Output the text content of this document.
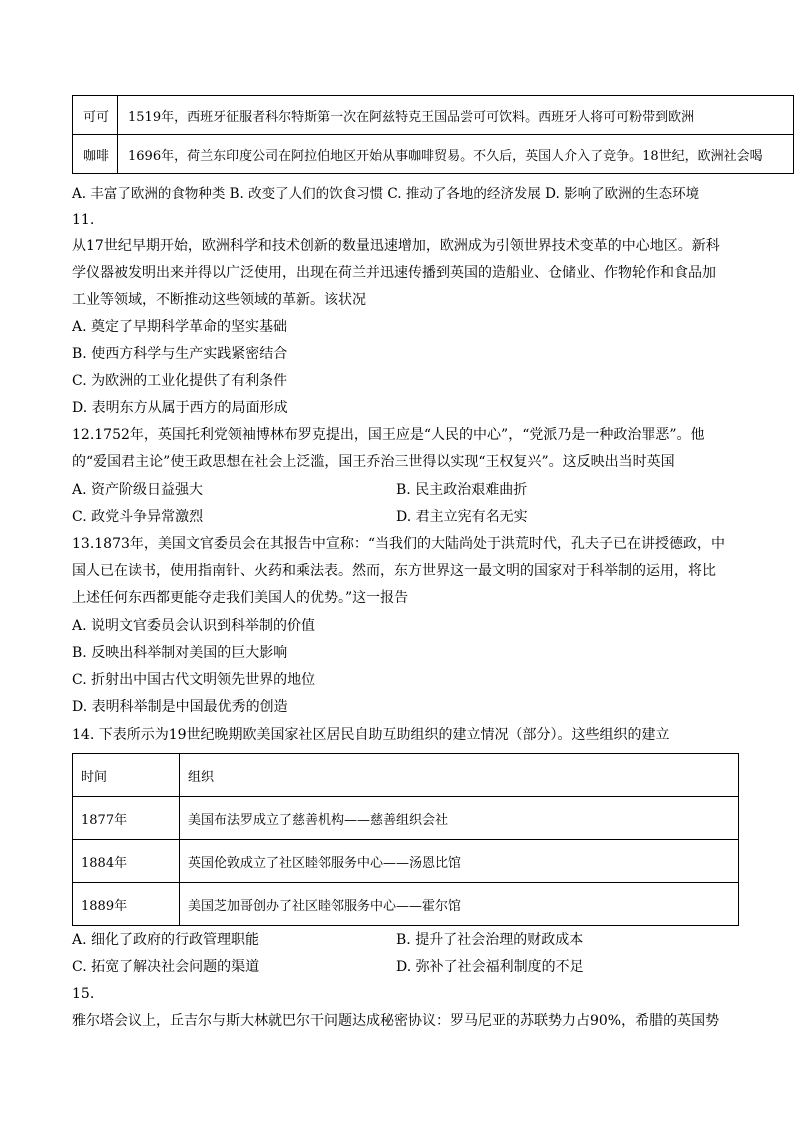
可可	1519年，西班牙征服者科尔特斯第一次在阿兹特克王国品尝可可饮料。西班牙人将可可粉带到欧洲
咖啡	1696年，荷兰东印度公司在阿拉伯地区开始从事咖啡贸易。不久后，英国人介入了竞争。18世纪，欧洲社会喝
A. 丰富了欧洲的食物种类 B. 改变了人们的饮食习惯 C. 推动了各地的经济发展 D. 影响了欧洲的生态环境
11.
从17世纪早期开始，欧洲科学和技术创新的数量迅速增加，欧洲成为引领世界技术变革的中心地区。新科
学仪器被发明出来并得以广泛使用，出现在荷兰并迅速传播到英国的造船业、仓储业、作物轮作和食品加
工业等领域，不断推动这些领域的革新。该状况
A. 奠定了早期科学革命的坚实基础
B. 使西方科学与生产实践紧密结合
C. 为欧洲的工业化提供了有利条件
D. 表明东方从属于西方的局面形成
12.1752年，英国托利党领袖博林布罗克提出，国王应是“人民的中心”，“党派乃是一种政治罪恶”。他
的“爱国君主论”使王政思想在社会上泛滥，国王乔治三世得以实现“王权复兴”。这反映出当时英国
A. 资产阶级日益强大	B. 民主政治艰难曲折
C. 政党斗争异常激烈	D. 君主立宪有名无实
13.1873年，美国文官委员会在其报告中宣称：“当我们的大陆尚处于洪荒时代，孔夫子已在讲授德政，中
国人已在读书，使用指南针、火药和乘法表。然而，东方世界这一最文明的国家对于科举制的运用，将比
上述任何东西都更能夺走我们美国人的优势。”这一报告
A. 说明文官委员会认识到科举制的价值
B. 反映出科举制对美国的巨大影响
C. 折射出中国古代文明领先世界的地位
D. 表明科举制是中国最优秀的创造
14. 下表所示为19世纪晚期欧美国家社区居民自助互助组织的建立情况（部分）。这些组织的建立
时间	组织
1877年	美国布法罗成立了慈善机构——慈善组织会社
1884年	英国伦敦成立了社区睦邻服务中心——汤恩比馆
1889年	美国芝加哥创办了社区睦邻服务中心——霍尔馆
A. 细化了政府的行政管理职能	B. 提升了社会治理的财政成本
C. 拓宽了解决社会问题的渠道	D. 弥补了社会福利制度的不足
15.
雅尔塔会议上，丘吉尔与斯大林就巴尔干问题达成秘密协议：罗马尼亚的苏联势力占90%，希腊的英国势
